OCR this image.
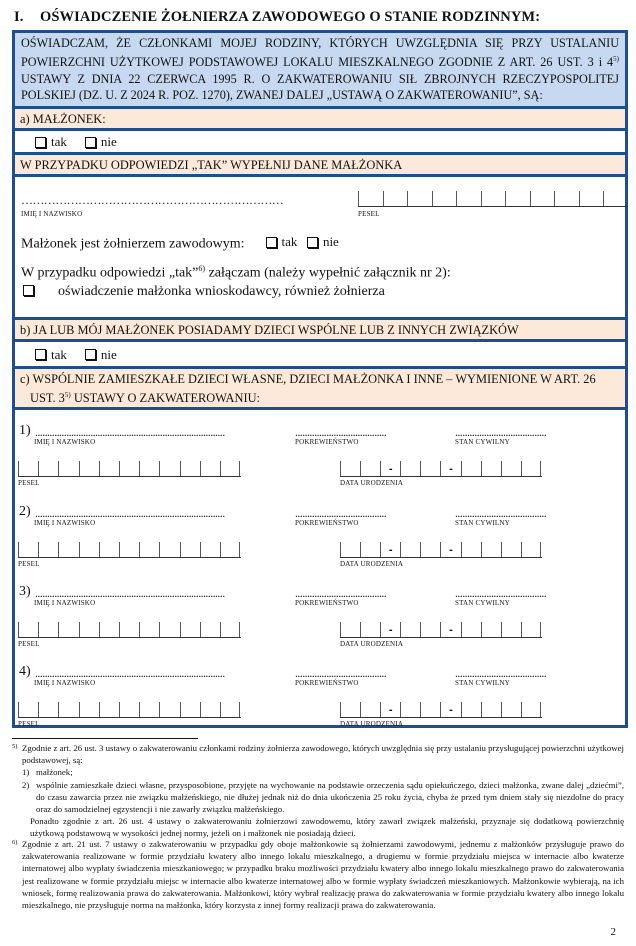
I. OŚWIADCZENIE ŻOŁNIERZA ZAWODOWEGO O STANIE RODZINNYM:
OŚWIADCZAM, ŻE CZŁONKAMI MOJEJ RODZINY, KTÓRYCH UWZGLĘDNIA SIĘ PRZY USTALANIU POWIERZCHNI UŻYTKOWEJ PODSTAWOWEJ LOKALU MIESZKALNEGO ZGODNIE Z ART. 26 UST. 3 i 4$^{5)}$ USTAWY Z DNIA 22 CZERWCA 1995 R. O ZAKWATEROWANIU SIŁ ZBROJNYCH RZECZYPOSPOLITEJ POLSKIEJ (DZ. U. Z 2024 R. POZ. 1270), ZWANEJ DALEJ „USTAWĄ O ZAKWATEROWANIU”, SĄ:
a) MAŁŻONEK:
tak	nie
W PRZYPADKU ODPOWIEDZI „TAK” WYPEŁNIJ DANE MAŁŻONKA
……………………………………………………………
IMIĘ I NAZWISKO	PESEL
Małżonek jest żołnierzem zawodowym:	tak
nie
W przypadku odpowiedzi „tak”$^{6)}$ załączam (należy wypełnić załącznik nr 2):
oświadczenie małżonka wnioskodawcy, również żołnierza
b) JA LUB MÓJ MAŁŻONEK POSIADAMY DZIECI WSPÓLNE LUB Z INNYCH ZWIĄZKÓW
tak	nie
c) WSPÓLNIE ZAMIESZKAŁE DZIECI WŁASNE, DZIECI MAŁŻONKA I INNE – WYMIENIONE W ART. 26
UST. 3$^{5)}$ USTAWY O ZAKWATEROWANIU:
1) ...............................................................................
IMIĘ I NAZWISKO
......................................
POKREWIEŃSTWO
......................................
STAN CYWILNY
PESEL
-	-
DATA URODZENIA
2) ...............................................................................
IMIĘ I NAZWISKO
......................................
POKREWIEŃSTWO
......................................
STAN CYWILNY
PESEL
-	-
DATA URODZENIA
3) ...............................................................................
IMIĘ I NAZWISKO
......................................
POKREWIEŃSTWO
......................................
STAN CYWILNY
PESEL
-	-
DATA URODZENIA
4) ...............................................................................
IMIĘ I NAZWISKO
......................................
POKREWIEŃSTWO
......................................
STAN CYWILNY
PESEL
-	-
DATA URODZENIA
5) Zgodnie z art. 26 ust. 3 ustawy o zakwaterowaniu członkami rodziny żołnierza zawodowego, których uwzględnia się przy ustalaniu przysługującej powierzchni użytkowej podstawowej, są:
1) małżonek;
2) wspólnie zamieszkałe dzieci własne, przysposobione, przyjęte na wychowanie na podstawie orzeczenia sądu opiekuńczego, dzieci małżonka, zwane dalej „dziećmi”, do czasu zawarcia przez nie związku małżeńskiego, nie dłużej jednak niż do dnia ukończenia 25 roku życia, chyba że przed tym dniem stały się niezdolne do pracy oraz do samodzielnej egzystencji i nie zawarły związku małżeńskiego.
Ponadto zgodnie z art. 26 ust. 4 ustawy o zakwaterowaniu żołnierzowi zawodowemu, który zawarł związek małżeński, przyznaje się dodatkową powierzchnię użytkową podstawową w wysokości jednej normy, jeżeli on i małżonek nie posiadają dzieci.
6) Zgodnie z art. 21 ust. 7 ustawy o zakwaterowaniu w przypadku gdy oboje małżonkowie są żołnierzami zawodowymi, jednemu z małżonków przysługuje prawo do zakwaterowania realizowane w formie przydziału kwatery albo innego lokalu mieszkalnego, a drugiemu w formie przydziału miejsca w internacie albo kwaterze internatowej albo wypłaty świadczenia mieszkaniowego; w przypadku braku możliwości przydziału kwatery albo innego lokalu mieszkalnego prawo do zakwaterowania jest realizowane w formie przydziału miejsc w internacie albo kwaterze internatowej albo w formie wypłaty świadczeń mieszkaniowych. Małżonkowie wybierają, na ich wniosek, formę realizowania prawa do zakwaterowania. Małżonkowi, który wybrał realizację prawa do zakwaterowania w formie przydziału kwatery albo innego lokalu mieszkalnego, nie przysługuje norma na małżonka, który korzysta z innej formy realizacji prawa do zakwaterowania.
2
